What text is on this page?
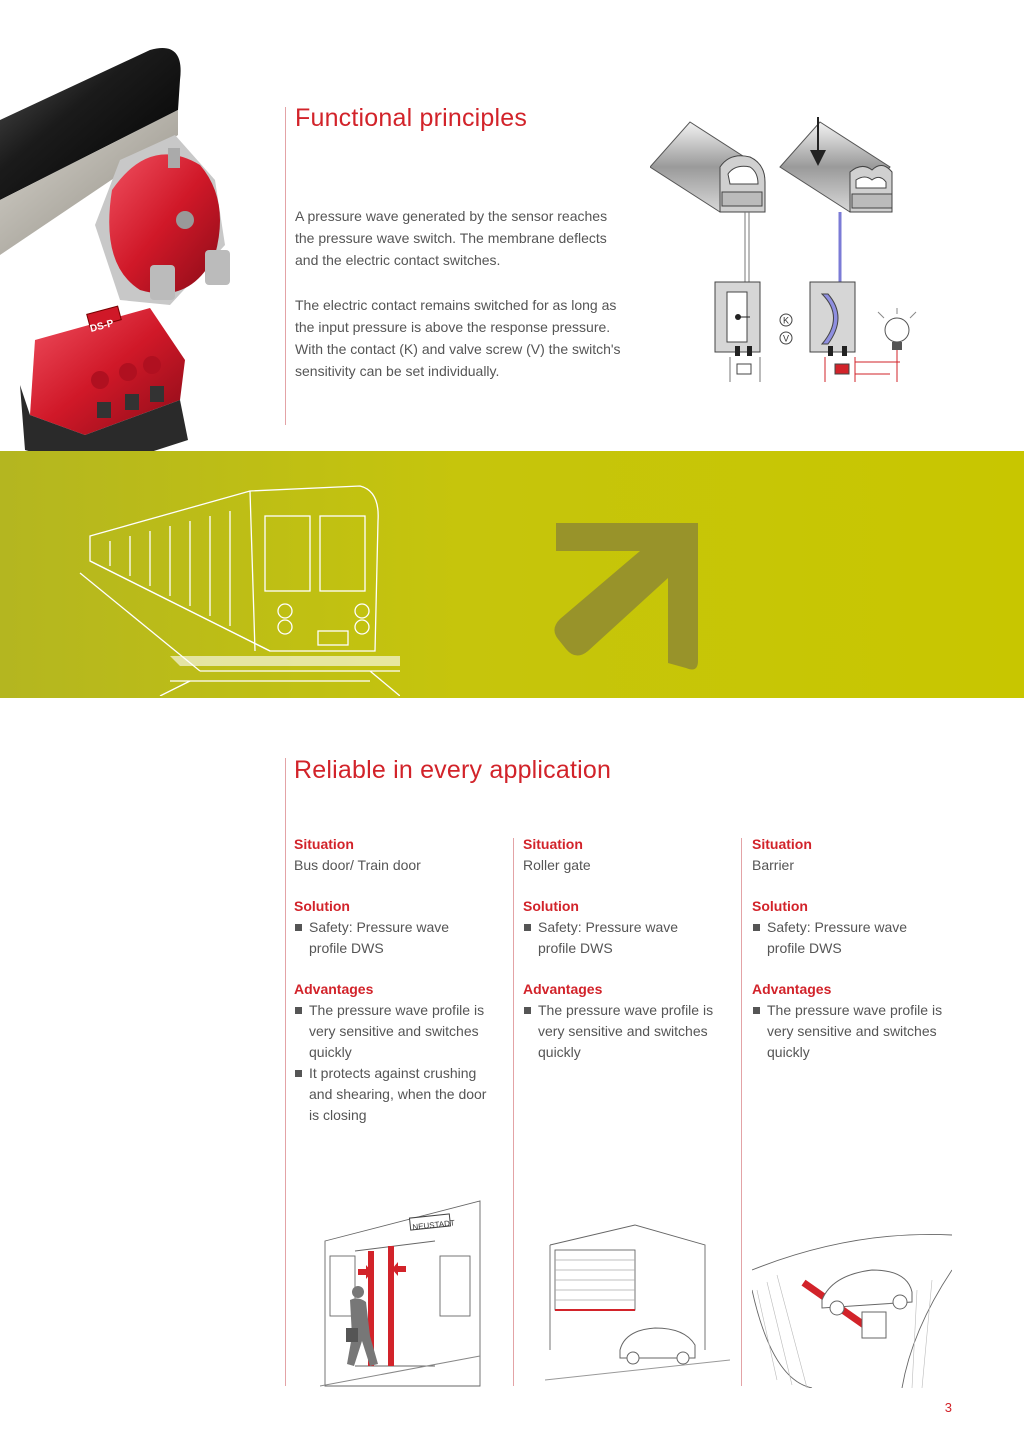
DS-P
Functional principles

A pressure wave generated by the sensor reaches the pressure wave switch. The membrane deflects and the electric contact switches.

The electric contact remains switched for as long as the input pressure is above the response pressure. With the contact (K) and valve screw (V) the switch's sensitivity can be set individually.

K
V
Reliable in every application

Situation

Bus door/ Train door

Solution

Safety: Pressure wave profile DWS

Advantages

The pressure wave profile is very sensitive and switches quickly
It protects against crushing and shearing, when the door is closing

Situation

Roller gate

Solution

Safety: Pressure wave profile DWS

Advantages

The pressure wave profile is very sensitive and switches quickly

Situation

Barrier

Solution

Safety: Pressure wave profile DWS

Advantages

The pressure wave profile is very sensitive and switches quickly
NEUSTADT
3
